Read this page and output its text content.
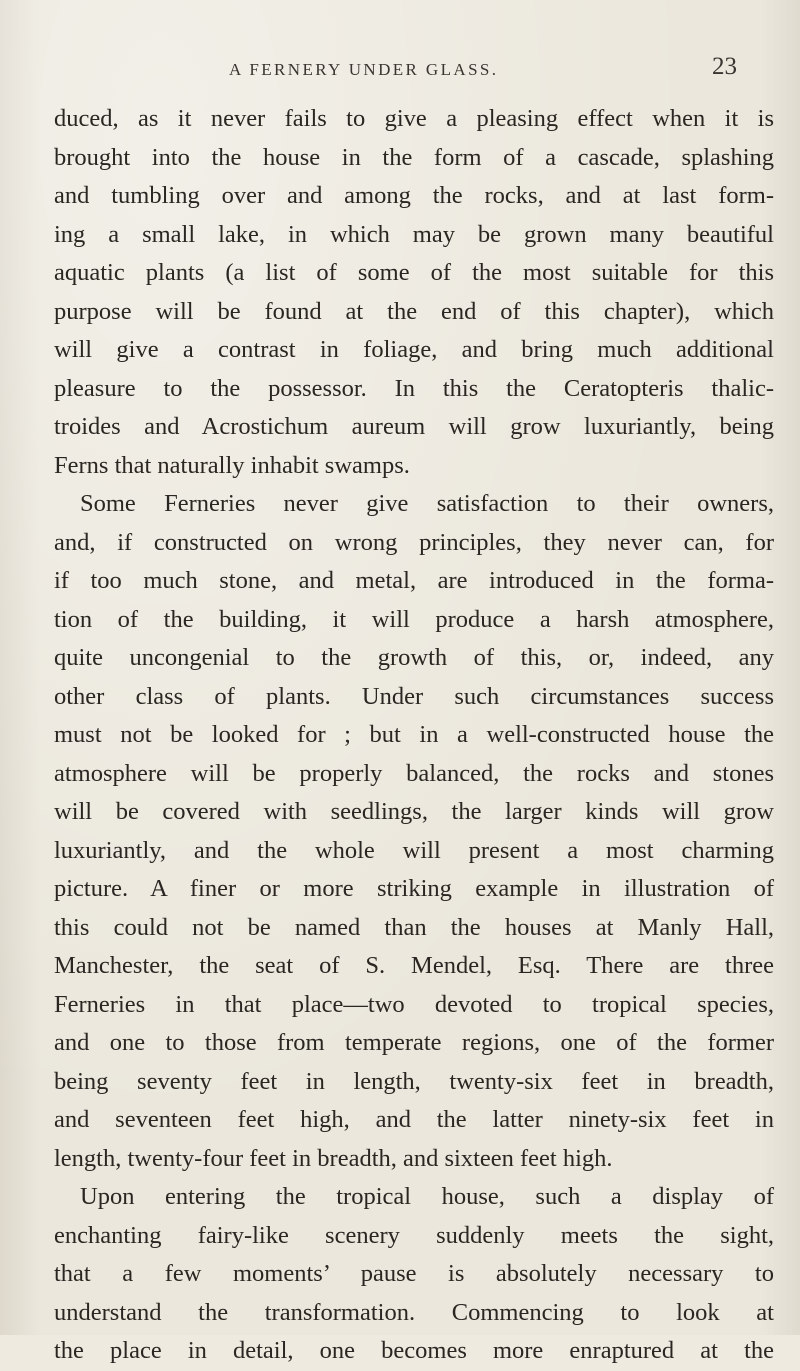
A FERNERY UNDER GLASS.	23
duced, as it never fails to give a pleasing effect when it is
brought into the house in the form of a cascade, splashing
and tumbling over and among the rocks, and at last form-
ing a small lake, in which may be grown many beautiful
aquatic plants (a list of some of the most suitable for this
purpose will be found at the end of this chapter), which
will give a contrast in foliage, and bring much additional
pleasure to the possessor. In this the Ceratopteris thalic-
troides and Acrostichum aureum will grow luxuriantly, being
Ferns that naturally inhabit swamps.
Some Ferneries never give satisfaction to their owners,
and, if constructed on wrong principles, they never can, for
if too much stone, and metal, are introduced in the forma-
tion of the building, it will produce a harsh atmosphere,
quite uncongenial to the growth of this, or, indeed, any
other class of plants. Under such circumstances success
must not be looked for ; but in a well-constructed house the
atmosphere will be properly balanced, the rocks and stones
will be covered with seedlings, the larger kinds will grow
luxuriantly, and the whole will present a most charming
picture. A finer or more striking example in illustration of
this could not be named than the houses at Manly Hall,
Manchester, the seat of S. Mendel, Esq. There are three
Ferneries in that place—two devoted to tropical species,
and one to those from temperate regions, one of the former
being seventy feet in length, twenty-six feet in breadth,
and seventeen feet high, and the latter ninety-six feet in
length, twenty-four feet in breadth, and sixteen feet high.
Upon entering the tropical house, such a display of
enchanting fairy-like scenery suddenly meets the sight,
that a few moments’ pause is absolutely necessary to
understand the transformation. Commencing to look at
the place in detail, one becomes more enraptured at the
